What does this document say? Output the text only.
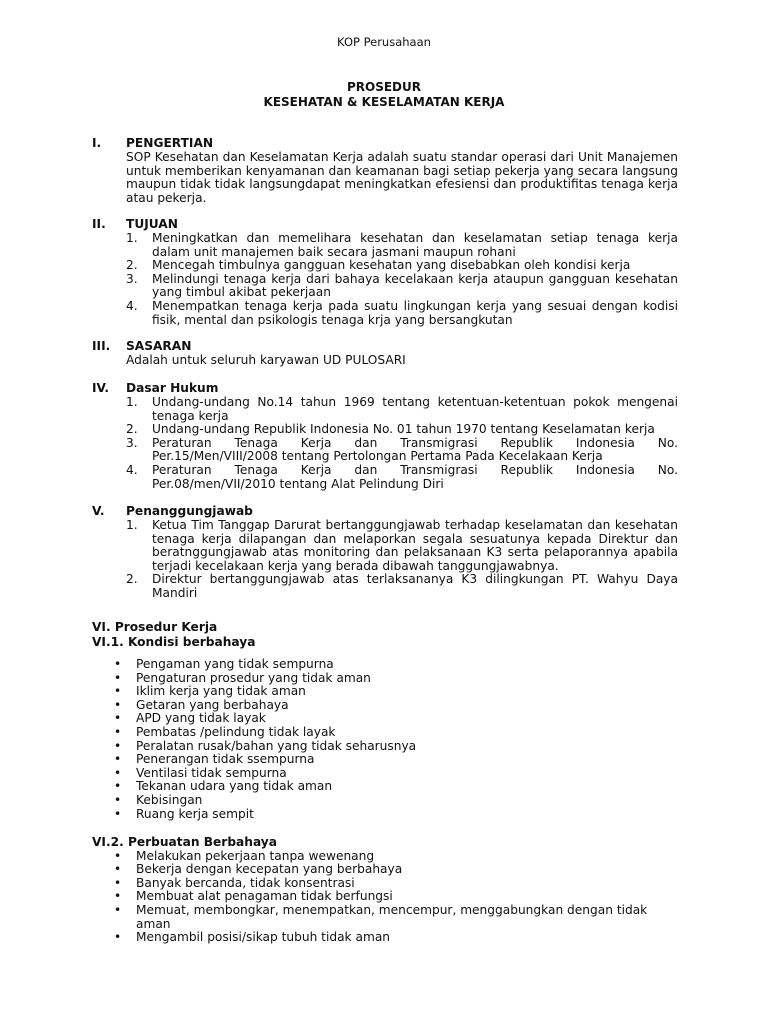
KOP Perusahaan
PROSEDUR
KESEHATAN & KESELAMATAN KERJA
I. PENGERTIAN
SOP Kesehatan dan Keselamatan Kerja adalah suatu standar operasi dari Unit Manajemen untuk memberikan kenyamanan dan keamanan bagi setiap pekerja yang secara langsung maupun tidak tidak langsungdapat meningkatkan efesiensi dan produktifitas tenaga kerja atau pekerja.
II. TUJUAN
1. Meningkatkan dan memelihara kesehatan dan keselamatan setiap tenaga kerja dalam unit manajemen baik secara jasmani maupun rohani
2. Mencegah timbulnya gangguan kesehatan yang disebabkan oleh kondisi kerja
3. Melindungi tenaga kerja dari bahaya kecelakaan kerja ataupun gangguan kesehatan yang timbul akibat pekerjaan
4. Menempatkan tenaga kerja pada suatu lingkungan kerja yang sesuai dengan kodisi fisik, mental dan psikologis tenaga krja yang bersangkutan
III. SASARAN
Adalah untuk seluruh karyawan UD PULOSARI
IV. Dasar Hukum
1. Undang-undang No.14 tahun 1969 tentang ketentuan-ketentuan pokok mengenai
tenaga kerja
2. Undang-undang Republik Indonesia No. 01 tahun 1970 tentang Keselamatan kerja
3. Peraturan Tenaga Kerja dan Transmigrasi Republik Indonesia No.
Per.15/Men/VIII/2008 tentang Pertolongan Pertama Pada Kecelakaan Kerja
4. Peraturan Tenaga Kerja dan Transmigrasi Republik Indonesia No.
Per.08/men/VII/2010 tentang Alat Pelindung Diri
V. Penanggungjawab
1. Ketua Tim Tanggap Darurat bertanggungjawab terhadap keselamatan dan kesehatan tenaga kerja dilapangan dan melaporkan segala sesuatunya kepada Direktur dan beratnggungjawab atas monitoring dan pelaksanaan K3 serta pelaporannya apabila terjadi kecelakaan kerja yang berada dibawah tanggungjawabnya.
2. Direktur bertanggungjawab atas terlaksananya K3 dilingkungan PT. Wahyu Daya Mandiri
VI. Prosedur Kerja
VI.1. Kondisi berbahaya
• Pengaman yang tidak sempurna
• Pengaturan prosedur yang tidak aman
• Iklim kerja yang tidak aman
• Getaran yang berbahaya
• APD yang tidak layak
• Pembatas /pelindung tidak layak
• Peralatan rusak/bahan yang tidak seharusnya
• Penerangan tidak ssempurna
• Ventilasi tidak sempurna
• Tekanan udara yang tidak aman
• Kebisingan
• Ruang kerja sempit
VI.2. Perbuatan Berbahaya
• Melakukan pekerjaan tanpa wewenang
• Bekerja dengan kecepatan yang berbahaya
• Banyak bercanda, tidak konsentrasi
• Membuat alat penagaman tidak berfungsi
• Memuat, membongkar, menempatkan, mencempur, menggabungkan dengan tidak aman
• Mengambil posisi/sikap tubuh tidak aman
